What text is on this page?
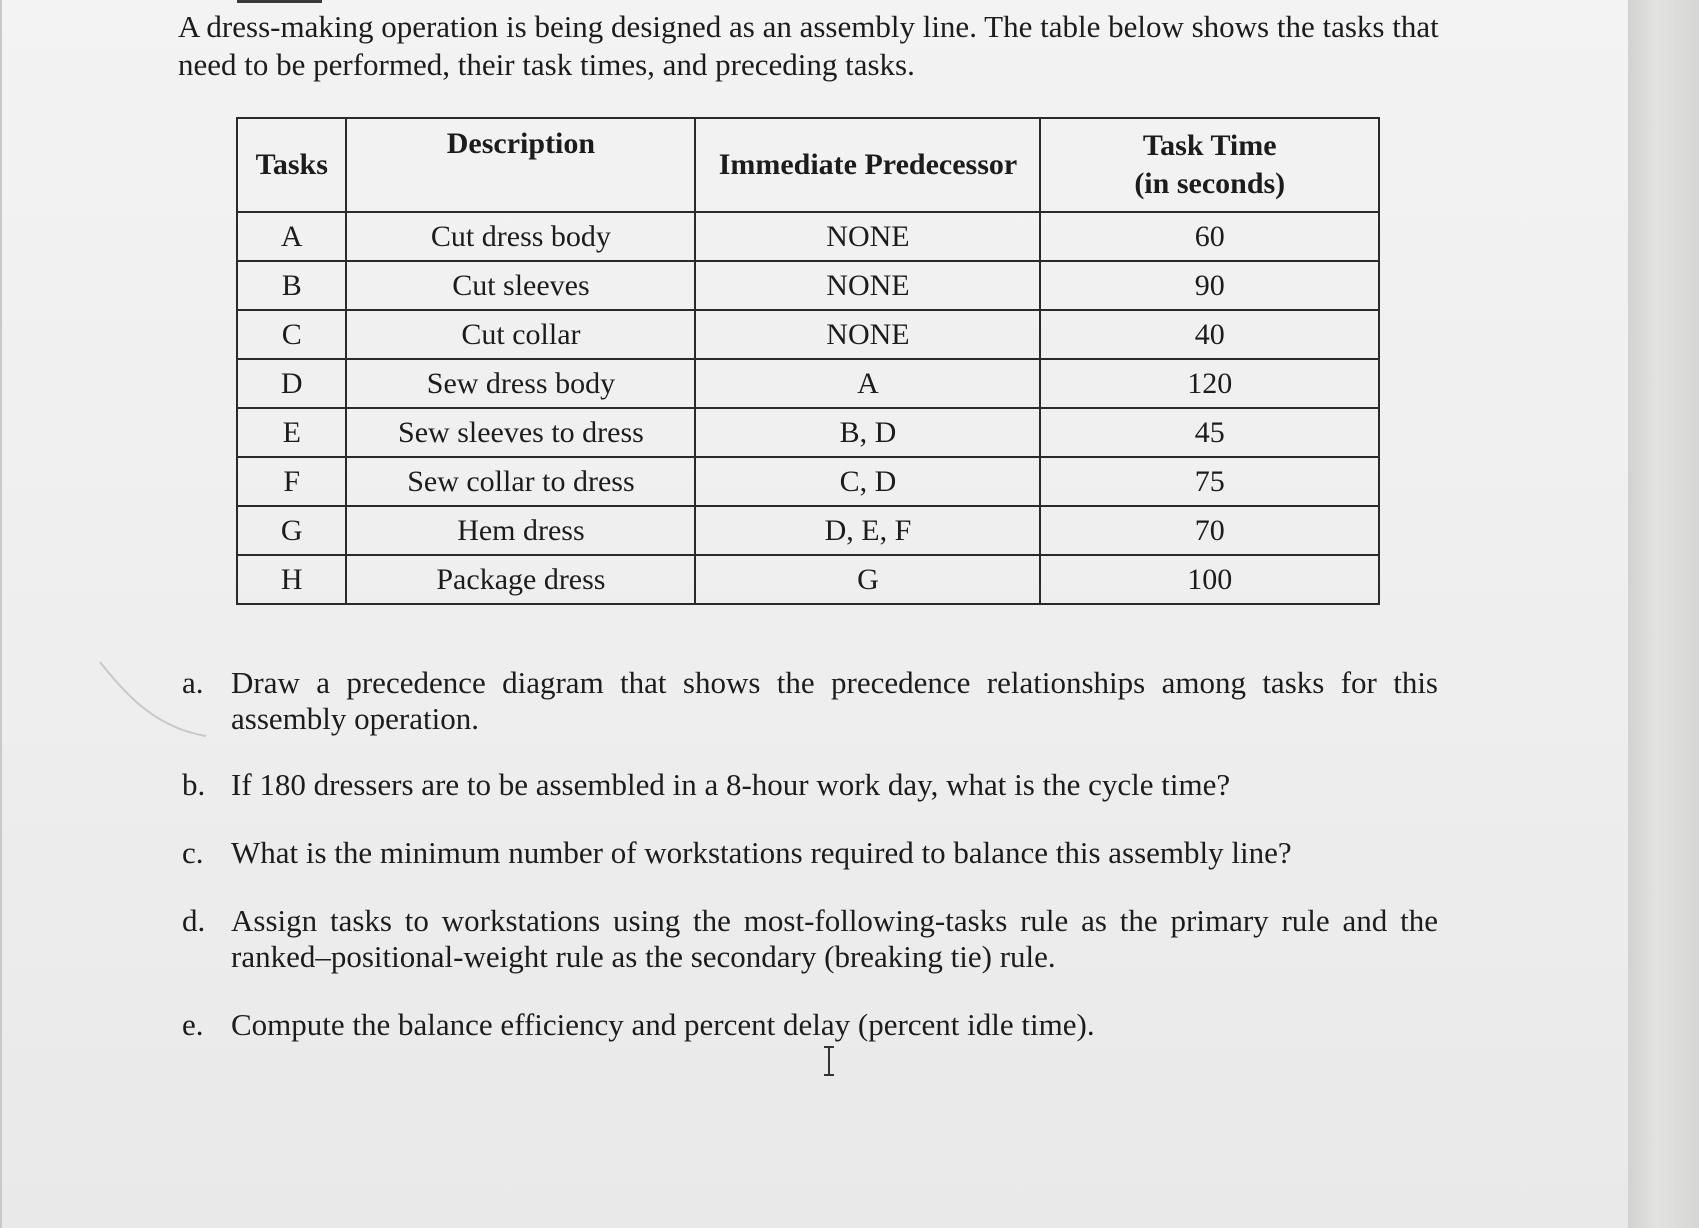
A dress-making operation is being designed as an assembly line. The table below shows the tasks that need to be performed, their task times, and preceding tasks.

Tasks	Description	Immediate Predecessor	Task Time
(in seconds)
A	Cut dress body	NONE	60
B	Cut sleeves	NONE	90
C	Cut collar	NONE	40
D	Sew dress body	A	120
E	Sew sleeves to dress	B, D	45
F	Sew collar to dress	C, D	75
G	Hem dress	D, E, F	70
H	Package dress	G	100
a. Draw a precedence diagram that shows the precedence relationships among tasks for this assembly operation.
b. If 180 dressers are to be assembled in a 8-hour work day, what is the cycle time?
c. What is the minimum number of workstations required to balance this assembly line?
d. Assign tasks to workstations using the most-following-tasks rule as the primary rule and the ranked–positional-weight rule as the secondary (breaking tie) rule.
e. Compute the balance efficiency and percent delay (percent idle time).
